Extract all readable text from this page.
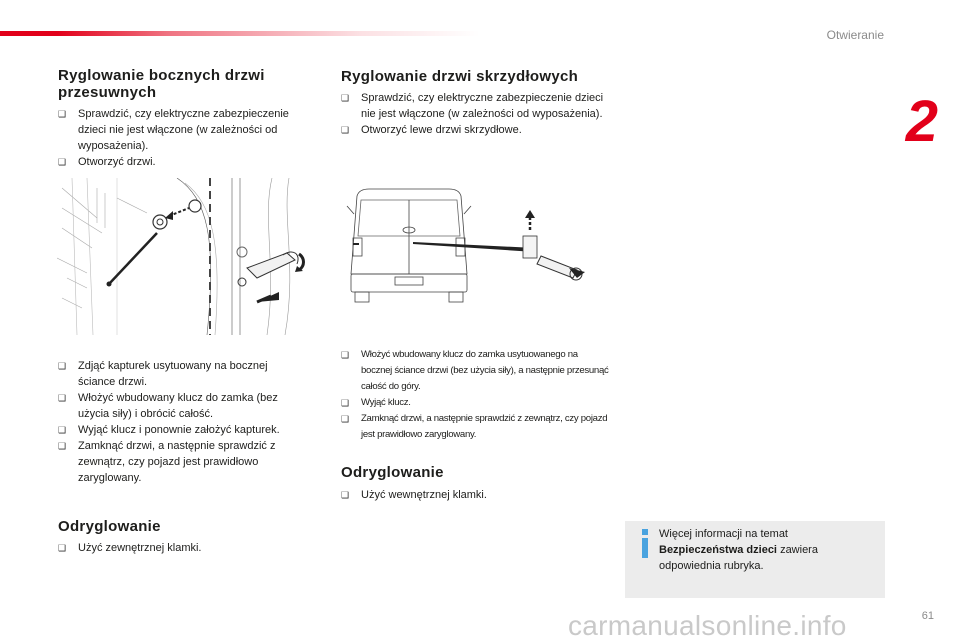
Otwieranie
2
Ryglowanie bocznych drzwi przesuwnych
❑ Sprawdzić, czy elektryczne zabezpieczenie dzieci nie jest włączone (w zależności od wyposażenia).
❑ Otworzyć drzwi.
❑ Zdjąć kapturek usytuowany na bocznej ściance drzwi.
❑ Włożyć wbudowany klucz do zamka (bez użycia siły) i obrócić całość.
❑ Wyjąć klucz i ponownie założyć kapturek.
❑ Zamknąć drzwi, a następnie sprawdzić z zewnątrz, czy pojazd jest prawidłowo zaryglowany.
Odryglowanie
❑ Użyć zewnętrznej klamki.
Ryglowanie drzwi skrzydłowych
❑ Sprawdzić, czy elektryczne zabezpieczenie dzieci nie jest włączone (w zależności od wyposażenia).
❑ Otworzyć lewe drzwi skrzydłowe.
❑ Włożyć wbudowany klucz do zamka usytuowanego na bocznej ściance drzwi (bez użycia siły), a następnie przesunąć całość do góry.
❑ Wyjąć klucz.
❑ Zamknąć drzwi, a następnie sprawdzić z zewnątrz, czy pojazd jest prawidłowo zaryglowany.
Odryglowanie
❑ Użyć wewnętrznej klamki.
Więcej informacji na temat
Bezpieczeństwa dzieci zawiera odpowiednia rubryka.
61
carmanualsonline.info
